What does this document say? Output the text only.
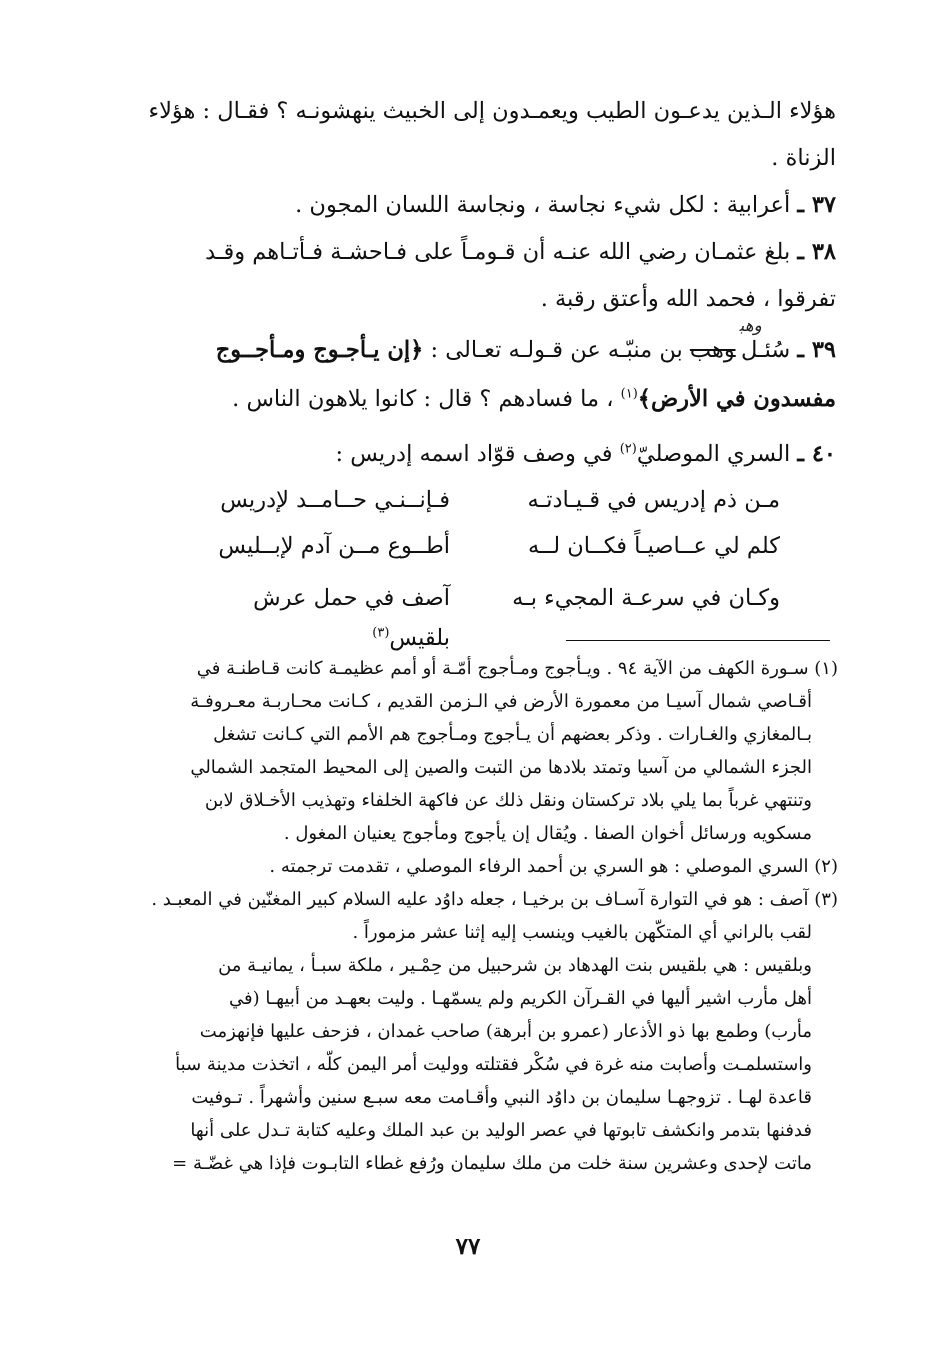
هؤلاء الـذين يدعـون الطيب ويعمـدون إلى الخبيث ينهشونـه ؟ فقـال : هؤلاء

الزناة .

٣٧ ـ أعرابية : لكل شيء نجاسة ، ونجاسة اللسان المجون .

٣٨ ـ بلغ عثمـان رضي الله عنـه أن قـومـاً على فـاحشـة فـأتـاهم وقـد

تفرقوا ، فحمد الله وأعتق رقبة .

٣٩ ـ سُئـل $^{وهب}$وهب بن منبّـه عن قـولـه تعـالى : ﴿إن يـأجـوج ومـأجــوج

مفسدون في الأرض﴾$^{(١)}$ ، ما فسادهم ؟ قال : كانوا يلاهون الناس .

٤٠ ـ السري الموصليّ$^{(٢)}$ في وصف قوّاد اسمه إدريس :

مـن ذم إدريس في قـيـادتـه
فـإنــنـي حــامــد لإدريس
كلم لي عــاصيـاً فكــان لــه
أطــوع مــن آدم لإبــليس
وكـان في سرعـة المجيء بـه
آصف في حمل عرش بلقيس$^{(٣)}$

(١) سـورة الكهف من الآية ٩٤ . ويـأجوج ومـأجوج أمّـة أو أمم عظيمـة كانت قـاطنـة في

أقـاصي شمال آسيـا من معمورة الأرض في الـزمن القديم ، كـانت محـاربـة معـروفـة

بـالمغازي والغـارات . وذكر بعضهم أن يـأجوج ومـأجوج هم الأمم التي كـانت تشغل

الجزء الشمالي من آسيا وتمتد بلادها من التبت والصين إلى المحيط المتجمد الشمالي

وتنتهي غرباً بما يلي بلاد تركستان ونقل ذلك عن فاكهة الخلفاء وتهذيب الأخـلاق لابن

مسكويه ورسائل أخوان الصفا . ويُقال إن يأجوج ومأجوج يعنيان المغول .

(٢) السري الموصلي : هو السري بن أحمد الرفاء الموصلي ، تقدمت ترجمته .

(٣) آصف : هو في التوارة آسـاف بن برخيـا ، جعله داوُد عليه السلام كبير المغنّين في المعبـد .

لقب بالراني أي المتكّهن بالغيب وينسب إليه إثنا عشر مزموراً .

وبلقيس : هي بلقيس بنت الهدهاد بن شرحبيل من حِمْـير ، ملكة سبـأ ، يمانيـة من

أهل مأرب اشير أليها في القـرآن الكريم ولم يسمّهـا . وليت بعهـد من أبيهـا (في

مأرب) وطمع بها ذو الأذعار (عمرو بن أبرهة) صاحب غمدان ، فزحف عليها فإنهزمت

واستسلمـت وأصابت منه غرة في سُكْر فقتلته ووليت أمر اليمن كلّه ، اتخذت مدينة سبأ

قاعدة لهـا . تزوجهـا سليمان بن داوُد النبي وأقـامت معه سبـع سنين وأشهراً . تـوفيت

فدفنها بتدمر وانكشف تابوتها في عصر الوليد بن عبد الملك وعليه كتابة تـدل على أنها

ماتت لإحدى وعشرين سنة خلت من ملك سليمان ورُفع غطاء التابـوت فإذا هي غضّـة =

٧٧
